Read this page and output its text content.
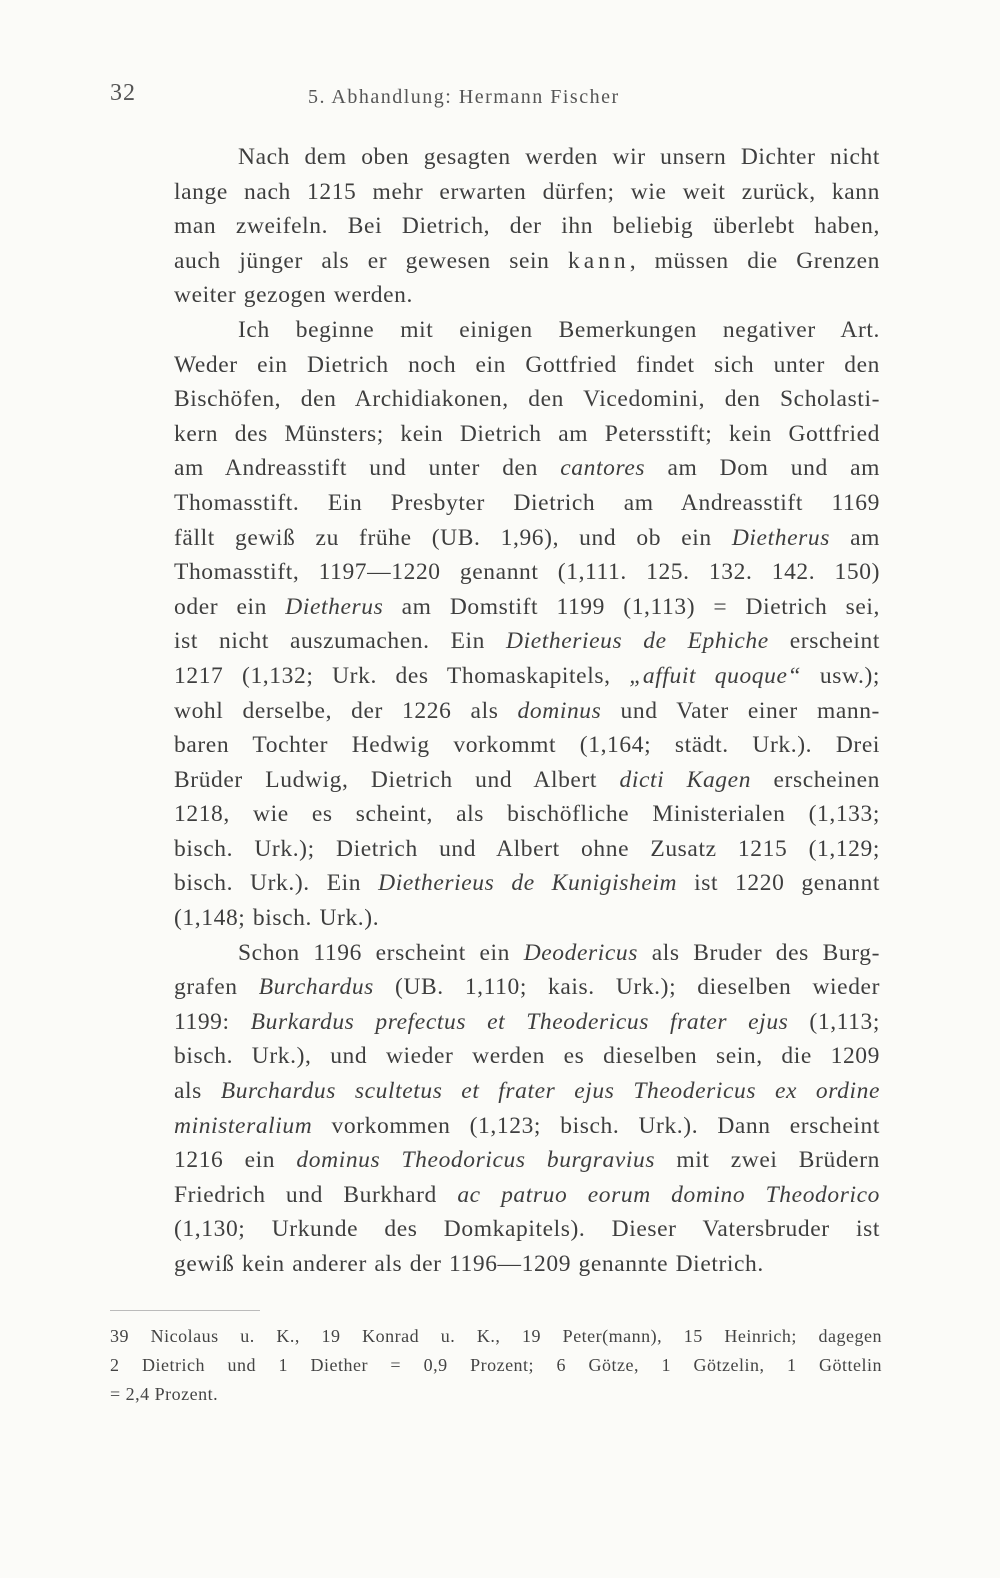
32	5. Abhandlung: Hermann Fischer

Nach dem oben gesagten werden wir unsern Dichter nicht
lange nach 1215 mehr erwarten dürfen; wie weit zurück, kann
man zweifeln. Bei Dietrich, der ihn beliebig überlebt haben,
auch jünger als er gewesen sein kann, müssen die Grenzen
weiter gezogen werden.

Ich beginne mit einigen Bemerkungen negativer Art.
Weder ein Dietrich noch ein Gottfried findet sich unter den
Bischöfen, den Archidiakonen, den Vicedomini, den Scholasti-
kern des Münsters; kein Dietrich am Petersstift; kein Gottfried
am Andreasstift und unter den cantores am Dom und am
Thomasstift. Ein Presbyter Dietrich am Andreasstift 1169
fällt gewiß zu frühe (UB. 1,96), und ob ein Dietherus am
Thomasstift, 1197—1220 genannt (1,111. 125. 132. 142. 150)
oder ein Dietherus am Domstift 1199 (1,113) = Dietrich sei,
ist nicht auszumachen. Ein Dietherieus de Ephiche erscheint
1217 (1,132; Urk. des Thomaskapitels, „affuit quoque“ usw.);
wohl derselbe, der 1226 als dominus und Vater einer mann-
baren Tochter Hedwig vorkommt (1,164; städt. Urk.). Drei
Brüder Ludwig, Dietrich und Albert dicti Kagen erscheinen
1218, wie es scheint, als bischöfliche Ministerialen (1,133;
bisch. Urk.); Dietrich und Albert ohne Zusatz 1215 (1,129;
bisch. Urk.). Ein Dietherieus de Kunigisheim ist 1220 genannt
(1,148; bisch. Urk.).

Schon 1196 erscheint ein Deodericus als Bruder des Burg-
grafen Burchardus (UB. 1,110; kais. Urk.); dieselben wieder
1199: Burkardus prefectus et Theodericus frater ejus (1,113;
bisch. Urk.), und wieder werden es dieselben sein, die 1209
als Burchardus scultetus et frater ejus Theodericus ex ordine
ministeralium vorkommen (1,123; bisch. Urk.). Dann erscheint
1216 ein dominus Theodoricus burgravius mit zwei Brüdern
Friedrich und Burkhard ac patruo eorum domino Theodorico
(1,130; Urkunde des Domkapitels). Dieser Vatersbruder ist
gewiß kein anderer als der 1196—1209 genannte Dietrich.

39 Nicolaus u. K., 19 Konrad u. K., 19 Peter(mann), 15 Heinrich; dagegen
2 Dietrich und 1 Diether = 0,9 Prozent; 6 Götze, 1 Götzelin, 1 Göttelin
= 2,4 Prozent.
